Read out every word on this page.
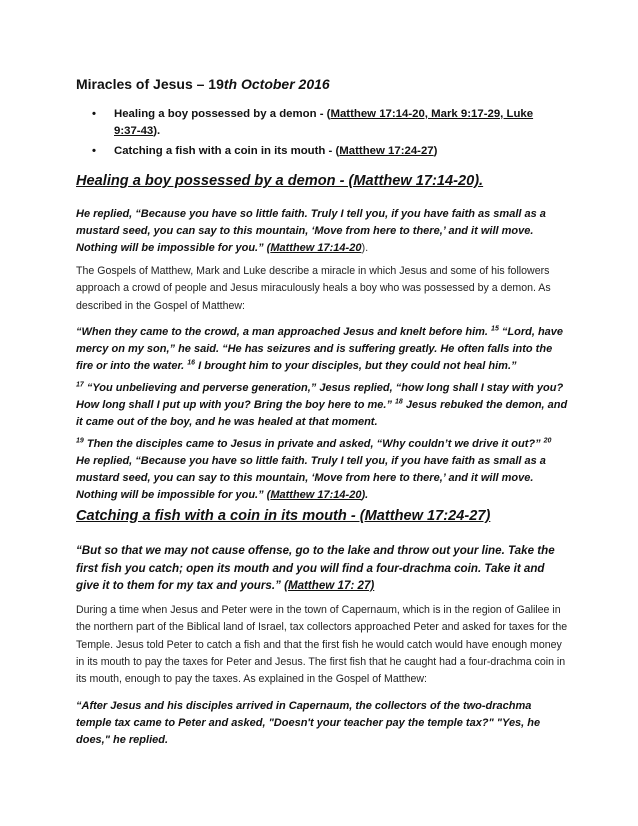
Miracles of Jesus – 19th October 2016
• Healing a boy possessed by a demon - (Matthew 17:14-20, Mark 9:17-29, Luke 9:37-43).
• Catching a fish with a coin in its mouth - (Matthew 17:24-27)
Healing a boy possessed by a demon - (Matthew 17:14-20).
He replied, “Because you have so little faith. Truly I tell you, if you have faith as small as a mustard seed, you can say to this mountain, ‘Move from here to there,’ and it will move. Nothing will be impossible for you.” (Matthew 17:14-20).
The Gospels of Matthew, Mark and Luke describe a miracle in which Jesus and some of his followers approach a crowd of people and Jesus miraculously heals a boy who was possessed by a demon. As described in the Gospel of Matthew:
“When they came to the crowd, a man approached Jesus and knelt before him. $^{15}$ “Lord, have mercy on my son,” he said. “He has seizures and is suffering greatly. He often falls into the fire or into the water. $^{16}$ I brought him to your disciples, but they could not heal him.”
$^{17}$ “You unbelieving and perverse generation,” Jesus replied, “how long shall I stay with you? How long shall I put up with you? Bring the boy here to me.” $^{18}$ Jesus rebuked the demon, and it came out of the boy, and he was healed at that moment.
$^{19}$ Then the disciples came to Jesus in private and asked, “Why couldn’t we drive it out?” $^{20}$ He replied, “Because you have so little faith. Truly I tell you, if you have faith as small as a mustard seed, you can say to this mountain, ‘Move from here to there,’ and it will move. Nothing will be impossible for you.” (Matthew 17:14-20).
Catching a fish with a coin in its mouth - (Matthew 17:24-27)
“But so that we may not cause offense, go to the lake and throw out your line. Take the first fish you catch; open its mouth and you will find a four-drachma coin. Take it and give it to them for my tax and yours.” (Matthew 17: 27)
During a time when Jesus and Peter were in the town of Capernaum, which is in the region of Galilee in the northern part of the Biblical land of Israel, tax collectors approached Peter and asked for taxes for the Temple. Jesus told Peter to catch a fish and that the first fish he would catch would have enough money in its mouth to pay the taxes for Peter and Jesus. The first fish that he caught had a four-drachma coin in its mouth, enough to pay the taxes. As explained in the Gospel of Matthew:
“After Jesus and his disciples arrived in Capernaum, the collectors of the two-drachma temple tax came to Peter and asked, "Doesn't your teacher pay the temple tax?" "Yes, he does," he replied.
